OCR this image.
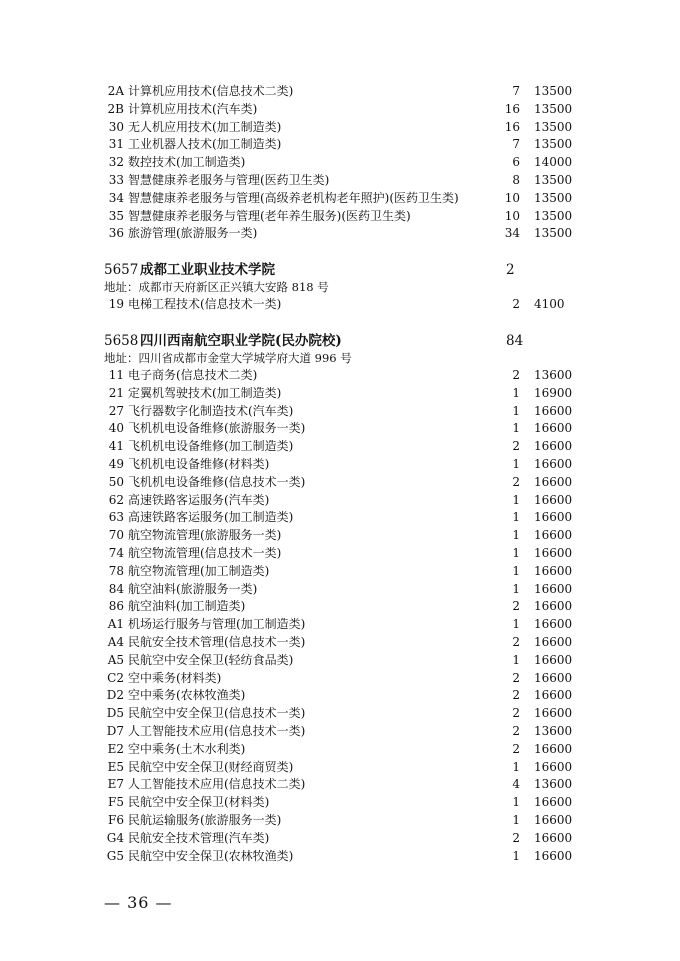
2A 计算机应用技术(信息技术二类)	7 13500
2B 计算机应用技术(汽车类)	16 13500
30 无人机应用技术(加工制造类)	16 13500
31 工业机器人技术(加工制造类)	7 13500
32 数控技术(加工制造类)	6 14000
33 智慧健康养老服务与管理(医药卫生类)	8 13500
34 智慧健康养老服务与管理(高级养老机构老年照护)(医药卫生类)	10 13500
35 智慧健康养老服务与管理(老年养生服务)(医药卫生类)	10 13500
36 旅游管理(旅游服务一类)	34 13500
5657 成都工业职业技术学院	2
地址：成都市天府新区正兴镇大安路 818 号
19 电梯工程技术(信息技术一类)	2 4100
5658 四川西南航空职业学院(民办院校)	84
地址：四川省成都市金堂大学城学府大道 996 号
11 电子商务(信息技术二类)	2 13600
21 定翼机驾驶技术(加工制造类)	1 16900
27 飞行器数字化制造技术(汽车类)	1 16600
40 飞机机电设备维修(旅游服务一类)	1 16600
41 飞机机电设备维修(加工制造类)	2 16600
49 飞机机电设备维修(材料类)	1 16600
50 飞机机电设备维修(信息技术一类)	2 16600
62 高速铁路客运服务(汽车类)	1 16600
63 高速铁路客运服务(加工制造类)	1 16600
70 航空物流管理(旅游服务一类)	1 16600
74 航空物流管理(信息技术一类)	1 16600
78 航空物流管理(加工制造类)	1 16600
84 航空油料(旅游服务一类)	1 16600
86 航空油料(加工制造类)	2 16600
A1 机场运行服务与管理(加工制造类)	1 16600
A4 民航安全技术管理(信息技术一类)	2 16600
A5 民航空中安全保卫(轻纺食品类)	1 16600
C2 空中乘务(材料类)	2 16600
D2 空中乘务(农林牧渔类)	2 16600
D5 民航空中安全保卫(信息技术一类)	2 16600
D7 人工智能技术应用(信息技术一类)	2 13600
E2 空中乘务(土木水利类)	2 16600
E5 民航空中安全保卫(财经商贸类)	1 16600
E7 人工智能技术应用(信息技术二类)	4 13600
F5 民航空中安全保卫(材料类)	1 16600
F6 民航运输服务(旅游服务一类)	1 16600
G4 民航安全技术管理(汽车类)	2 16600
G5 民航空中安全保卫(农林牧渔类)	1 16600
— 36 —
